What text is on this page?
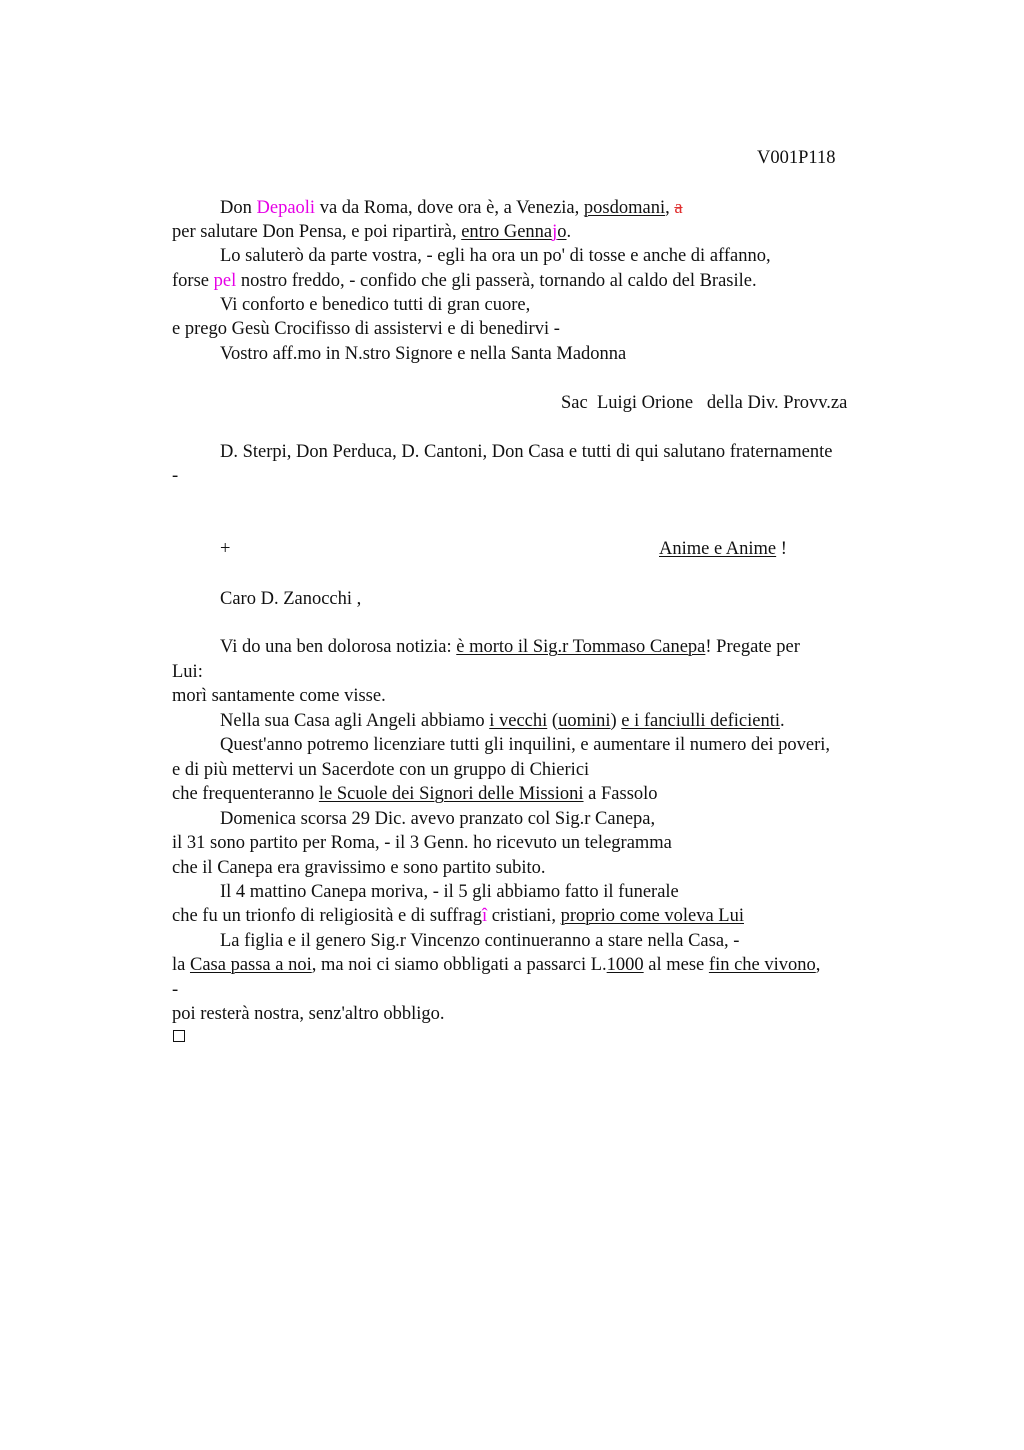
V001P118
Don Depaoli va da Roma, dove ora è, a Venezia, posdomani, a
per salutare Don Pensa, e poi ripartirà, entro Gennajo.
Lo saluterò da parte vostra, - egli ha ora un po' di tosse e anche di affanno,
forse pel nostro freddo, - confido che gli passerà, tornando al caldo del Brasile.
Vi conforto e benedico tutti di gran cuore,
e prego Gesù Crocifisso di assistervi e di benedirvi -
Vostro aff.mo in N.stro Signore e nella Santa Madonna
Sac  Luigi Orione   della Div. Provv.za
D. Sterpi, Don Perduca, D. Cantoni, Don Casa e tutti di qui salutano fraternamente
-
+	Anime e Anime !
Caro D. Zanocchi ,
Vi do una ben dolorosa notizia: è morto il Sig.r Tommaso Canepa! Pregate per
Lui:
morì santamente come visse.
Nella sua Casa agli Angeli abbiamo i vecchi (uomini) e i fanciulli deficienti.
Quest'anno potremo licenziare tutti gli inquilini, e aumentare il numero dei poveri,
e di più mettervi un Sacerdote con un gruppo di Chierici
che frequenteranno le Scuole dei Signori delle Missioni a Fassolo
Domenica scorsa 29 Dic. avevo pranzato col Sig.r Canepa,
il 31 sono partito per Roma, - il 3 Genn. ho ricevuto un telegramma
che il Canepa era gravissimo e sono partito subito.
Il 4 mattino Canepa moriva, - il 5 gli abbiamo fatto il funerale
che fu un trionfo di religiosità e di suffragî cristiani, proprio come voleva Lui
La figlia e il genero Sig.r Vincenzo continueranno a stare nella Casa, -
la Casa passa a noi, ma noi ci siamo obbligati a passarci L.1000 al mese fin che vivono,
-
poi resterà nostra, senz'altro obbligo.
